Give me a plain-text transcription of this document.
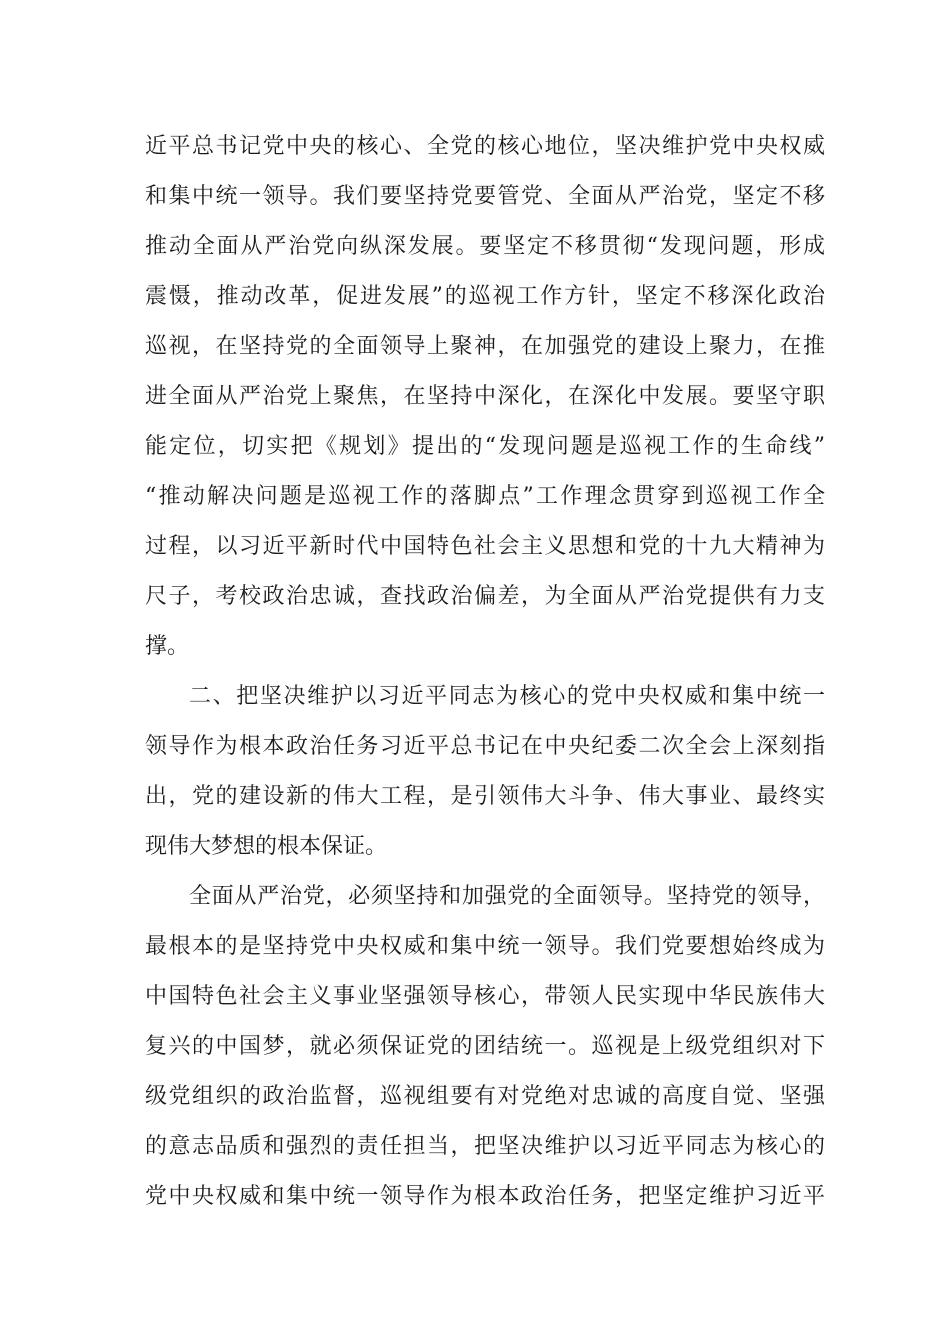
近平总书记党中央的核心、全党的核心地位，坚决维护党中央权威
和集中统一领导。我们要坚持党要管党、全面从严治党，坚定不移
推动全面从严治党向纵深发展。要坚定不移贯彻“发现问题，形成
震慑，推动改革，促进发展”的巡视工作方针，坚定不移深化政治
巡视，在坚持党的全面领导上聚神，在加强党的建设上聚力，在推
进全面从严治党上聚焦，在坚持中深化，在深化中发展。要坚守职
能定位，切实把《规划》提出的“发现问题是巡视工作的生命线”
“推动解决问题是巡视工作的落脚点”工作理念贯穿到巡视工作全
过程，以习近平新时代中国特色社会主义思想和党的十九大精神为
尺子，考校政治忠诚，查找政治偏差，为全面从严治党提供有力支
撑。
二、把坚决维护以习近平同志为核心的党中央权威和集中统一
领导作为根本政治任务习近平总书记在中央纪委二次全会上深刻指
出，党的建设新的伟大工程，是引领伟大斗争、伟大事业、最终实
现伟大梦想的根本保证。
全面从严治党，必须坚持和加强党的全面领导。坚持党的领导，
最根本的是坚持党中央权威和集中统一领导。我们党要想始终成为
中国特色社会主义事业坚强领导核心，带领人民实现中华民族伟大
复兴的中国梦，就必须保证党的团结统一。巡视是上级党组织对下
级党组织的政治监督，巡视组要有对党绝对忠诚的高度自觉、坚强
的意志品质和强烈的责任担当，把坚决维护以习近平同志为核心的
党中央权威和集中统一领导作为根本政治任务，把坚定维护习近平
